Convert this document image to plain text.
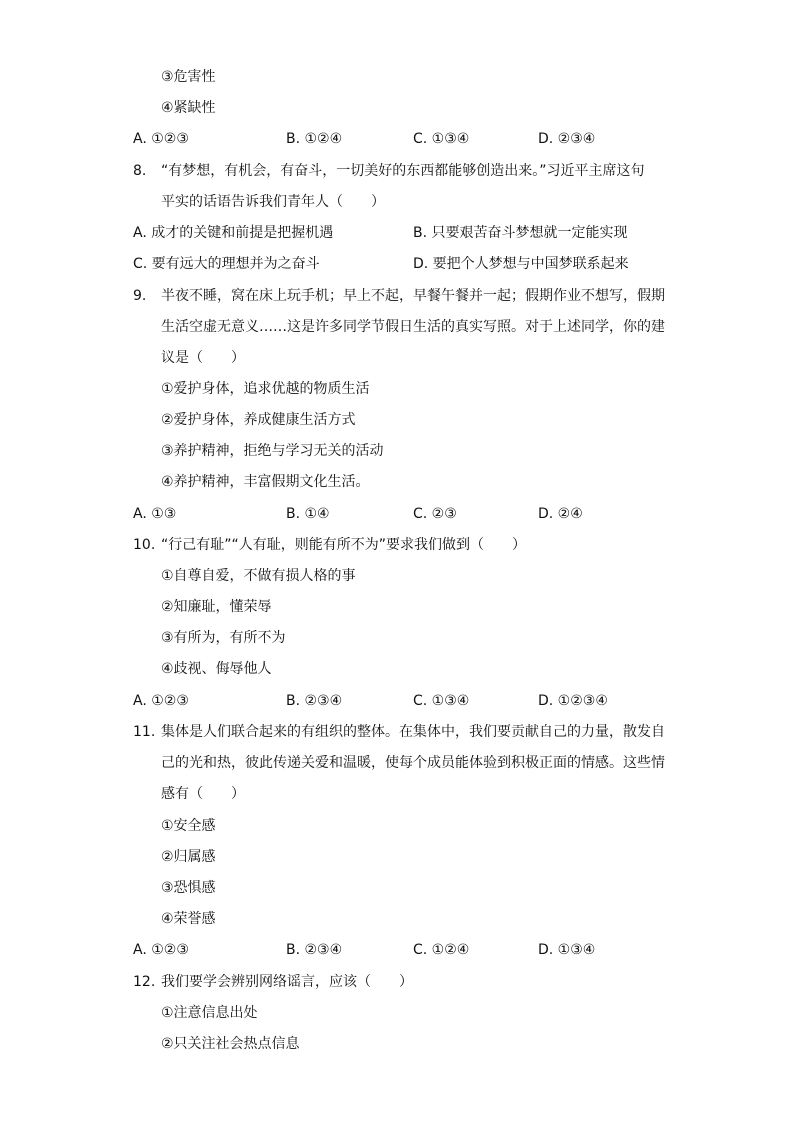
③危害性
④紧缺性
A. ①②③	B. ①②④	C. ①③④	D. ②③④
8. “有梦想，有机会，有奋斗，一切美好的东西都能够创造出来。”习近平主席这句
平实的话语告诉我们青年人（　　）
A. 成才的关键和前提是把握机遇	B. 只要艰苦奋斗梦想就一定能实现
C. 要有远大的理想并为之奋斗	D. 要把个人梦想与中国梦联系起来
9. 半夜不睡，窝在床上玩手机；早上不起，早餐午餐并一起；假期作业不想写，假期
生活空虚无意义……这是许多同学节假日生活的真实写照。对于上述同学，你的建
议是（　　）
①爱护身体，追求优越的物质生活
②爱护身体，养成健康生活方式
③养护精神，拒绝与学习无关的活动
④养护精神，丰富假期文化生活。
A. ①③	B. ①④	C. ②③	D. ②④
10. “行己有耻”“人有耻，则能有所不为”要求我们做到（　　）
①自尊自爱，不做有损人格的事
②知廉耻，懂荣辱
③有所为，有所不为
④歧视、侮辱他人
A. ①②③	B. ②③④	C. ①③④	D. ①②③④
11. 集体是人们联合起来的有组织的整体。在集体中，我们要贡献自己的力量，散发自
己的光和热，彼此传递关爱和温暖，使每个成员能体验到积极正面的情感。这些情
感有（　　）
①安全感
②归属感
③恐惧感
④荣誉感
A. ①②③	B. ②③④	C. ①②④	D. ①③④
12. 我们要学会辨别网络谣言，应该（　　）
①注意信息出处
②只关注社会热点信息
